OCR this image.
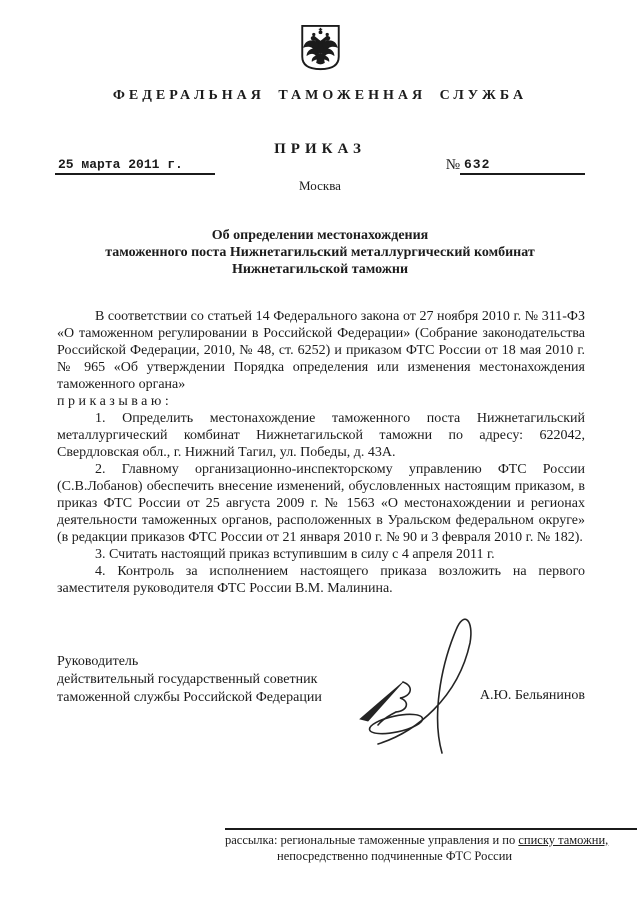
ФЕДЕРАЛЬНАЯ ТАМОЖЕННАЯ СЛУЖБА
ПРИКАЗ
25 марта 2011 г.	№ 632
Москва
Об определении местонахождения
таможенного поста Нижнетагильский металлургический комбинат
Нижнетагильской таможни

В соответствии со статьей 14 Федерального закона от 27 ноября 2010 г. № 311-ФЗ «О таможенном регулировании в Российской Федерации» (Собрание законодательства Российской Федерации, 2010, № 48, ст. 6252) и приказом ФТС России от 18 мая 2010 г. № 965 «Об утверждении Порядка определения или изменения местонахождения таможенного органа»

приказываю:

1. Определить местонахождение таможенного поста Нижнетагильский металлургический комбинат Нижнетагильской таможни по адресу: 622042, Свердловская обл., г. Нижний Тагил, ул. Победы, д. 43А.

2. Главному организационно-инспекторскому управлению ФТС России (С.В.Лобанов) обеспечить внесение изменений, обусловленных настоящим приказом, в приказ ФТС России от 25 августа 2009 г. № 1563 «О местонахождении и регионах деятельности таможенных органов, расположенных в Уральском федеральном округе» (в редакции приказов ФТС России от 21 января 2010 г. № 90 и 3 февраля 2010 г. № 182).

3. Считать настоящий приказ вступившим в силу с 4 апреля 2011 г.

4. Контроль за исполнением настоящего приказа возложить на первого заместителя руководителя ФТС России В.М. Малинина.

Руководитель
действительный государственный советник
таможенной службы Российской Федерации	А.Ю. Бельянинов
рассылка: региональные таможенные управления и по списку таможни,
непосредственно подчиненные ФТС России
